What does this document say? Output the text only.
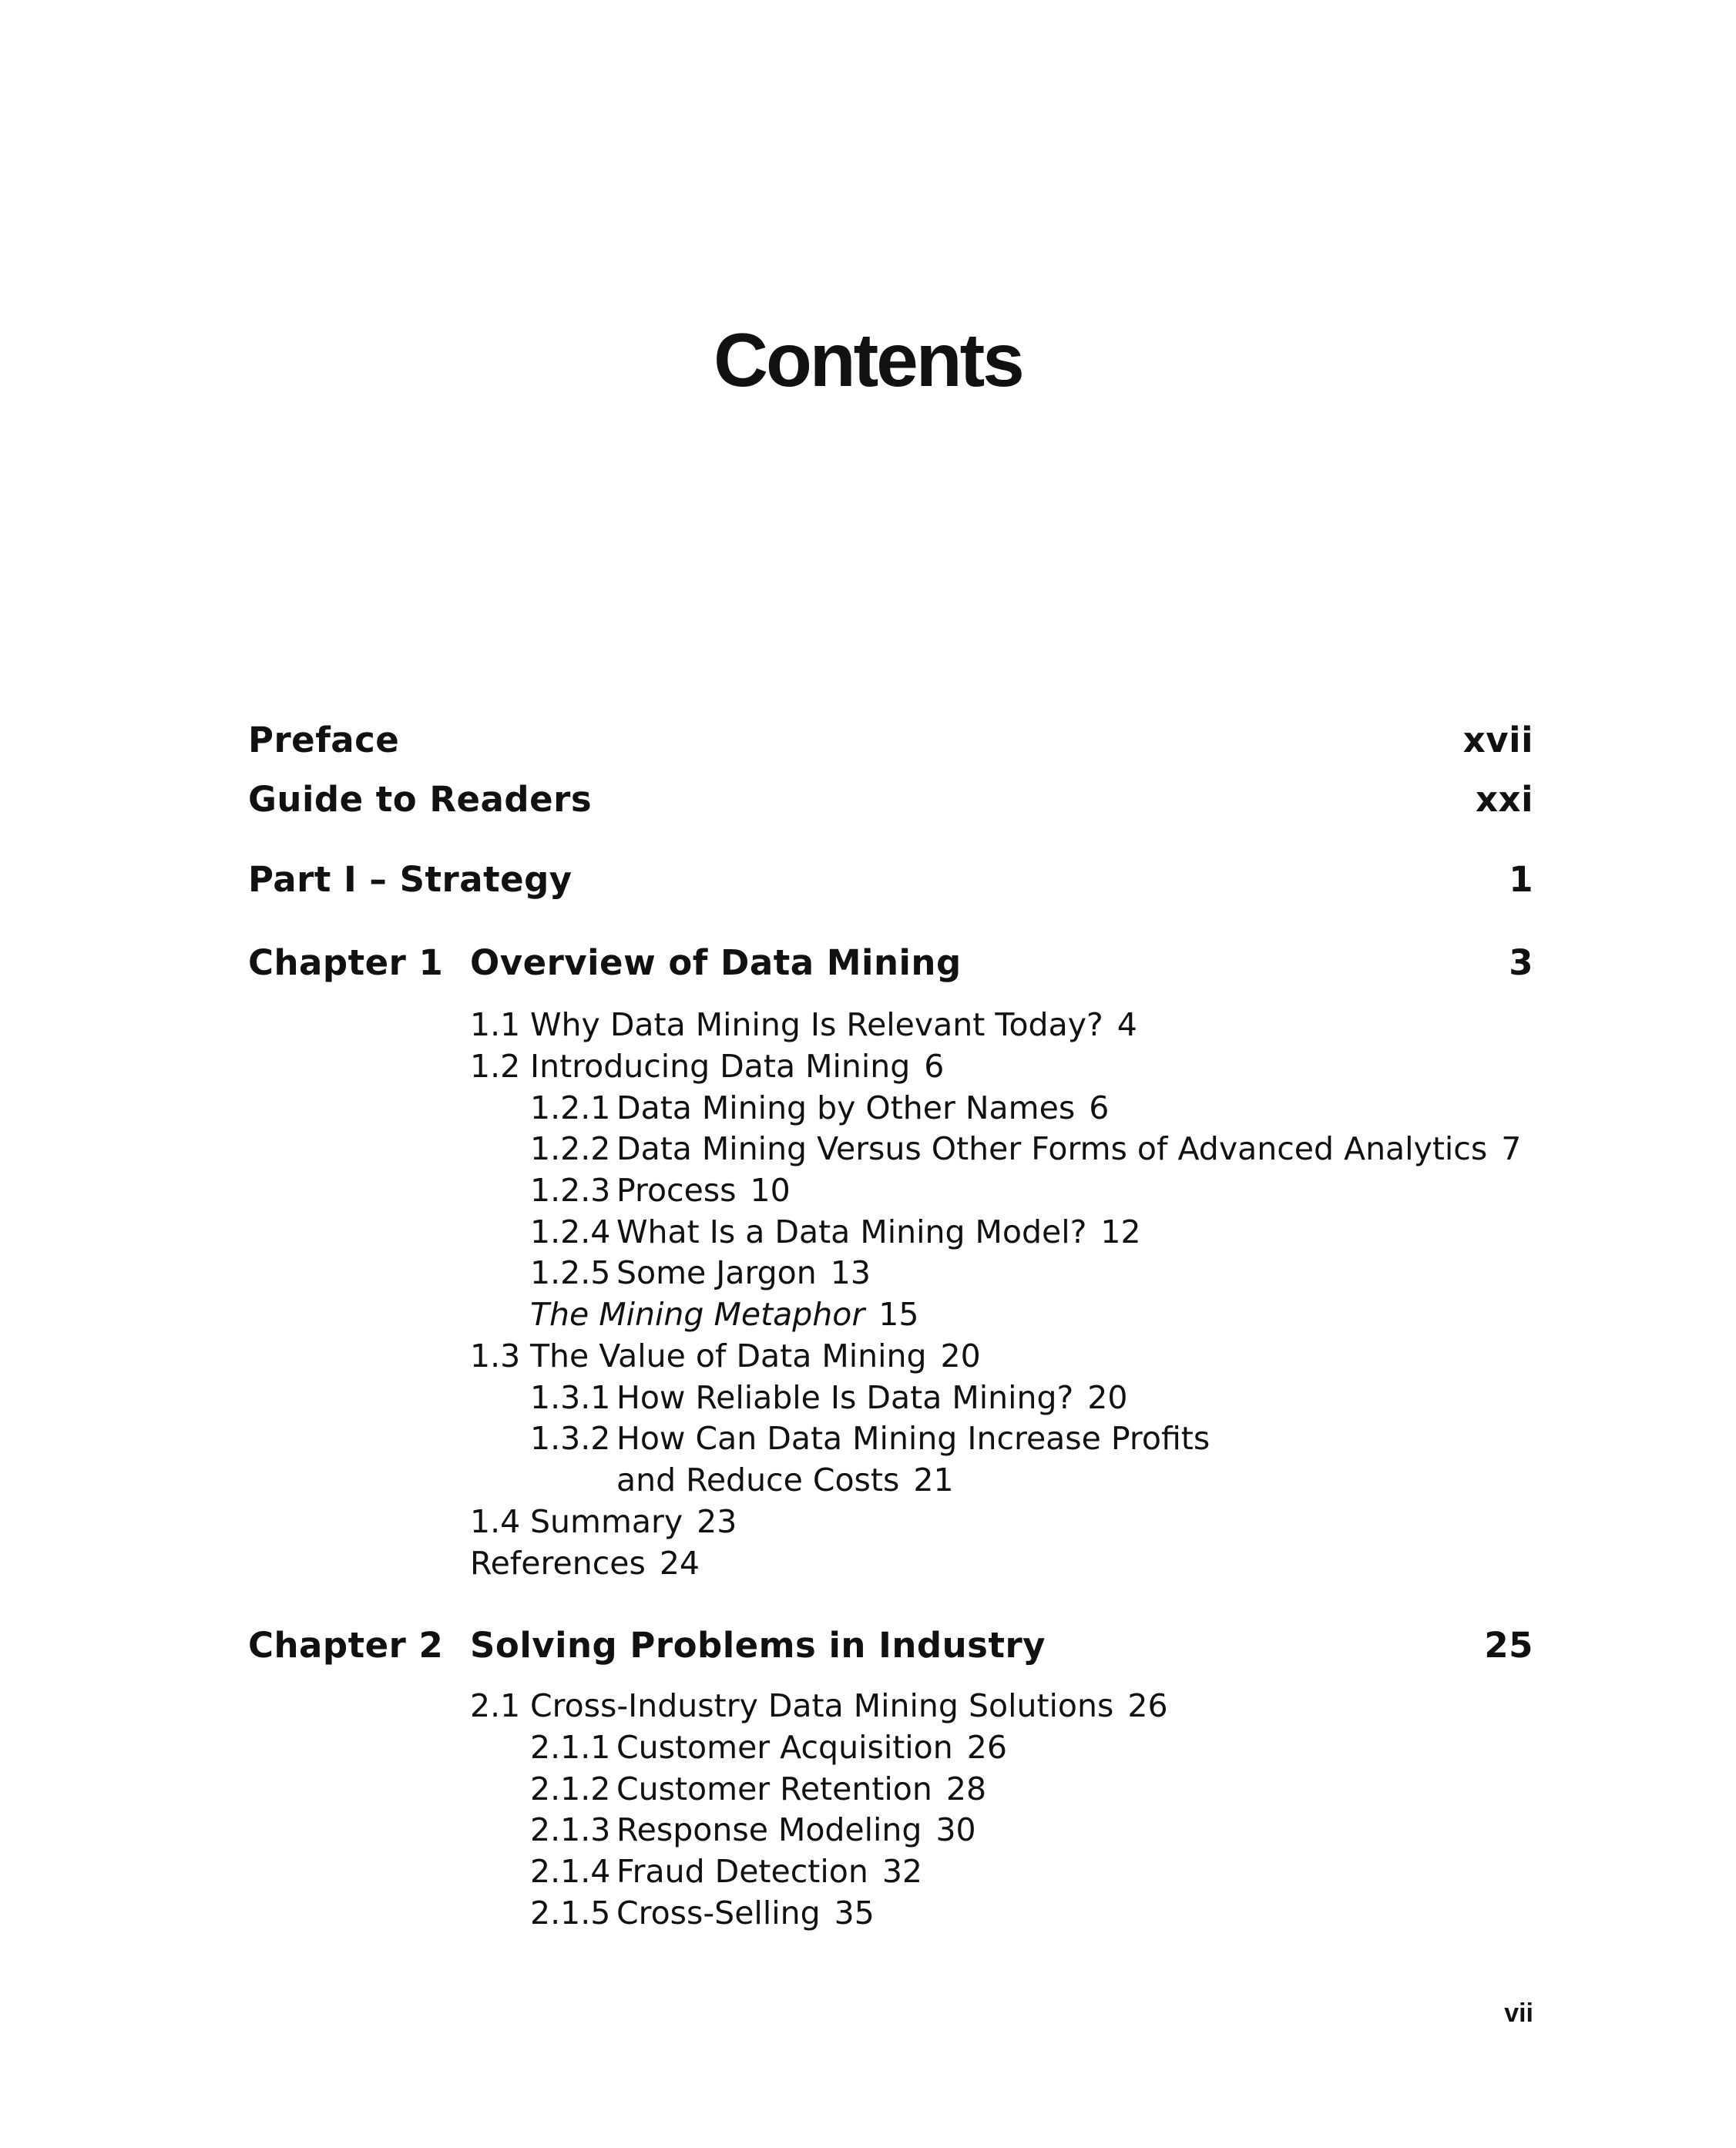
Contents
Preface	xvii
Guide to Readers	xxi
Part I – Strategy	1
Chapter 1 Overview of Data Mining	3
1.1 Why Data Mining Is Relevant Today? 4
1.2 Introducing Data Mining 6
1.2.1 Data Mining by Other Names 6
1.2.2 Data Mining Versus Other Forms of Advanced Analytics 7
1.2.3 Process 10
1.2.4 What Is a Data Mining Model? 12
1.2.5 Some Jargon 13
The Mining Metaphor 15
1.3 The Value of Data Mining 20
1.3.1 How Reliable Is Data Mining? 20
1.3.2 How Can Data Mining Increase Profits
and Reduce Costs 21
1.4 Summary 23
References 24
Chapter 2 Solving Problems in Industry	25
2.1 Cross-Industry Data Mining Solutions 26
2.1.1 Customer Acquisition 26
2.1.2 Customer Retention 28
2.1.3 Response Modeling 30
2.1.4 Fraud Detection 32
2.1.5 Cross-Selling 35
vii
